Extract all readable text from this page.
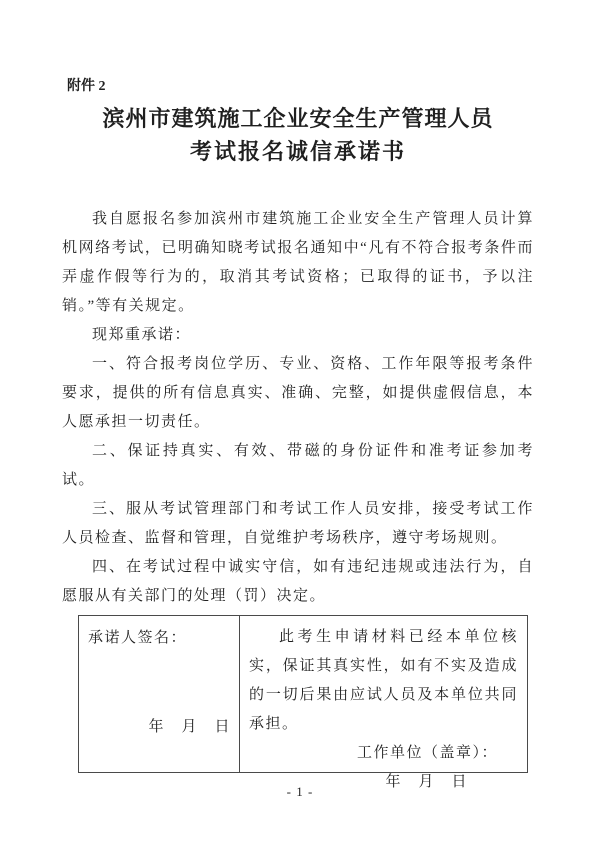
附件 2
滨州市建筑施工企业安全生产管理人员
考试报名诚信承诺书

我自愿报名参加滨州市建筑施工企业安全生产管理人员计算机网络考试，已明确知晓考试报名通知中“凡有不符合报考条件而弄虚作假等行为的，取消其考试资格；已取得的证书，予以注销。”等有关规定。

现郑重承诺：

一、符合报考岗位学历、专业、资格、工作年限等报考条件要求，提供的所有信息真实、准确、完整，如提供虚假信息，本人愿承担一切责任。

二、保证持真实、有效、带磁的身份证件和准考证参加考试。

三、服从考试管理部门和考试工作人员安排，接受考试工作人员检查、监督和管理，自觉维护考场秩序，遵守考场规则。

四、在考试过程中诚实守信，如有违纪违规或违法行为，自愿服从有关部门的处理（罚）决定。

承诺人签名：
年　月　日

此考生申请材料已经本单位核实，保证其真实性，如有不实及造成的一切后果由应试人员及本单位共同承担。

工作单位（盖章）：
年　月　日
- 1 -
